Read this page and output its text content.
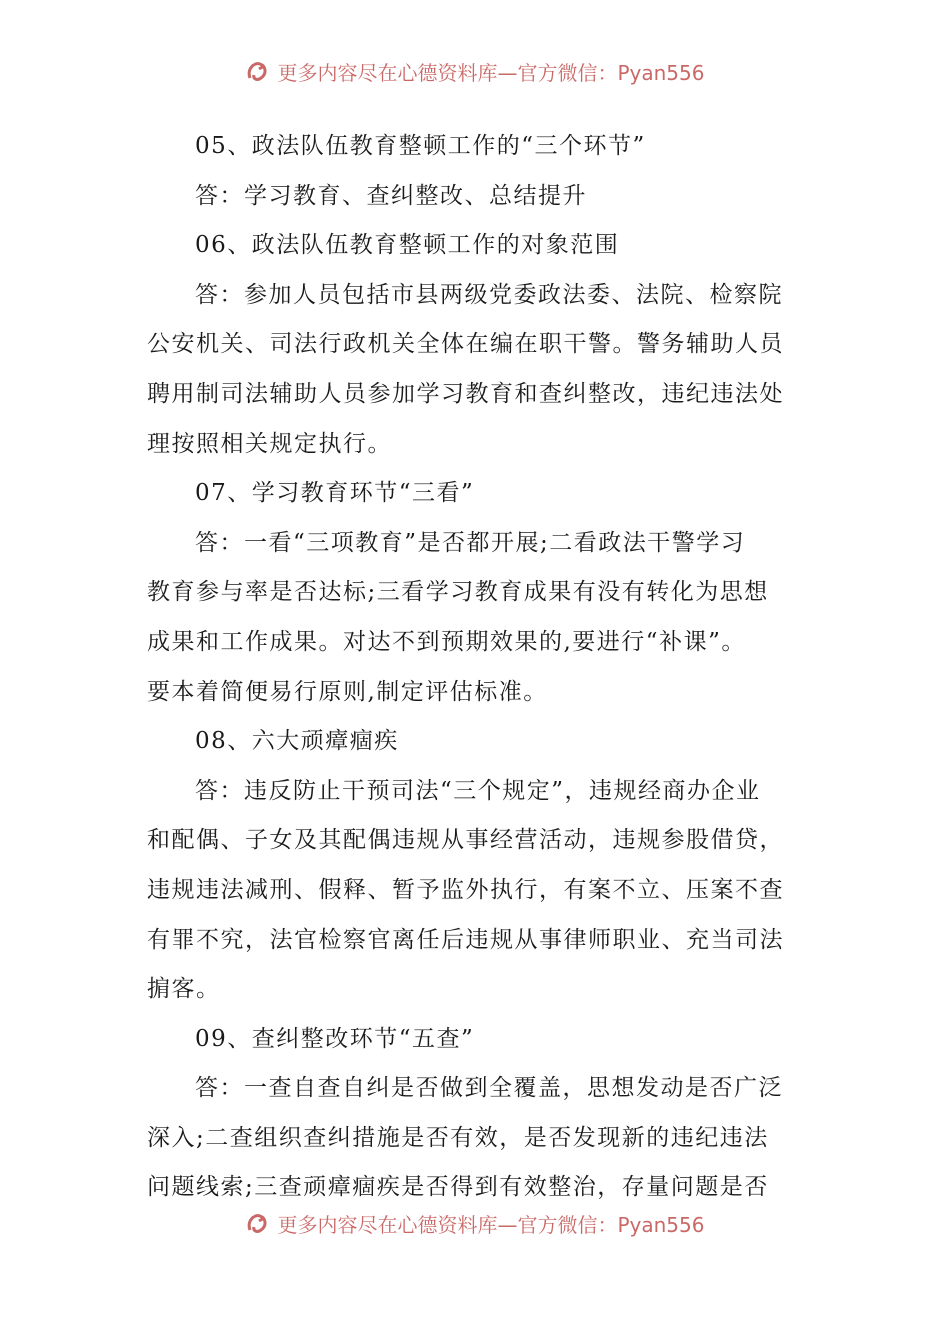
更多内容尽在心德资料库—官方微信：Pyan556
05、政法队伍教育整顿工作的“三个环节”
答：学习教育、查纠整改、总结提升
06、政法队伍教育整顿工作的对象范围
答：参加人员包括市县两级党委政法委、法院、检察院
公安机关、司法行政机关全体在编在职干警。警务辅助人员
聘用制司法辅助人员参加学习教育和查纠整改，违纪违法处
理按照相关规定执行。
07、学习教育环节“三看”
答：一看“三项教育”是否都开展;二看政法干警学习
教育参与率是否达标;三看学习教育成果有没有转化为思想
成果和工作成果。对达不到预期效果的,要进行“补课”。
要本着简便易行原则,制定评估标准。
08、六大顽瘴痼疾
答：违反防止干预司法“三个规定”，违规经商办企业
和配偶、子女及其配偶违规从事经营活动，违规参股借贷，
违规违法减刑、假释、暂予监外执行，有案不立、压案不查
有罪不究，法官检察官离任后违规从事律师职业、充当司法
掮客。
09、查纠整改环节“五查”
答：一查自查自纠是否做到全覆盖，思想发动是否广泛
深入;二查组织查纠措施是否有效，是否发现新的违纪违法
问题线索;三查顽瘴痼疾是否得到有效整治，存量问题是否
更多内容尽在心德资料库—官方微信：Pyan556
